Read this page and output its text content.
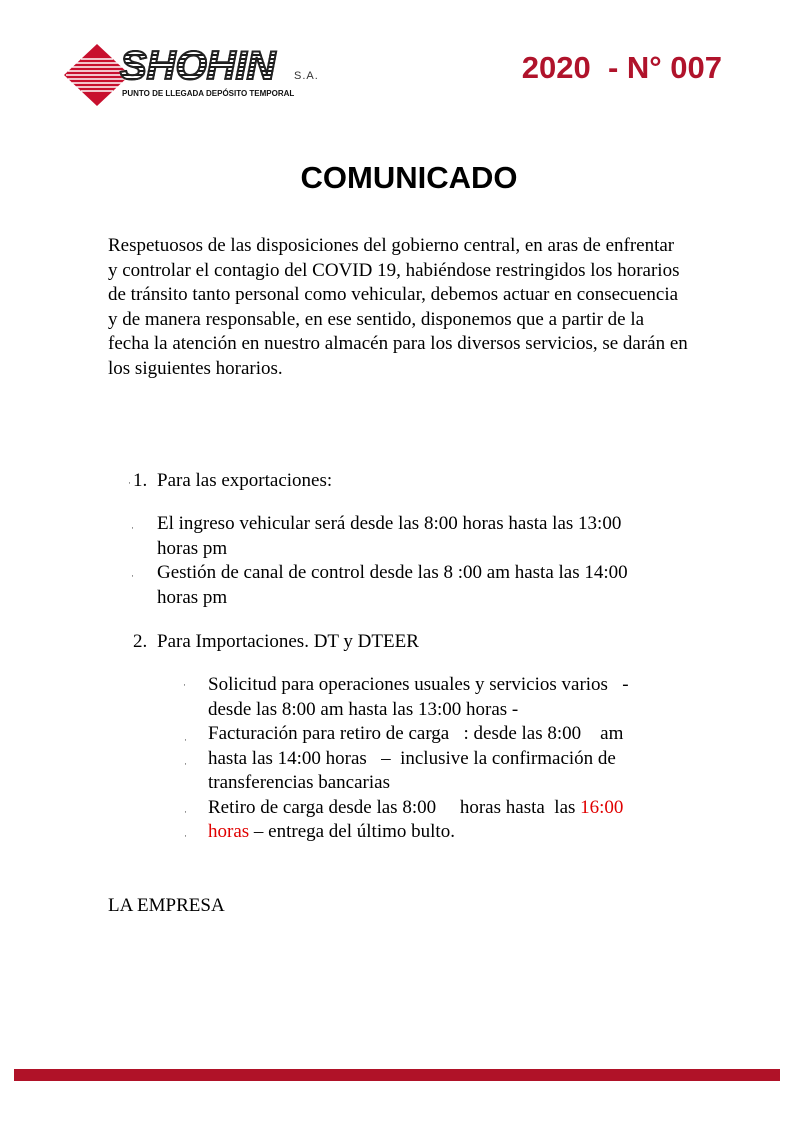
SHOHIN S.A.
PUNTO DE LLEGADA DEPÓSITO TEMPORAL
2020  - N° 007
COMUNICADO

Respetuosos de las disposiciones del gobierno central, en aras de enfrentar y controlar el contagio del COVID 19, habiéndose restringidos los horarios de tránsito tanto personal como vehicular, debemos actuar en consecuencia y de manera responsable, en ese sentido, disponemos que a partir de la fecha la atención en nuestro almacén para los diversos servicios, se darán en los siguientes horarios.

· 1. Para las exportaciones:
· El ingreso vehicular será desde las 8:00 horas hasta las 13:00
horas pm
· Gestión de canal de control desde las 8 :00 am hasta las 14:00
horas pm
2. Para Importaciones. DT y DTEER
· Solicitud para operaciones usuales y servicios varios   -
desde las 8:00 am hasta las 13:00 horas -
· Facturación para retiro de carga   : desde las 8:00    am
· hasta las 14:00 horas   –  inclusive la confirmación de
transferencias bancarias
· Retiro de carga desde las 8:00     horas hasta  las 16:00
· horas – entrega del último bulto.
LA EMPRESA
